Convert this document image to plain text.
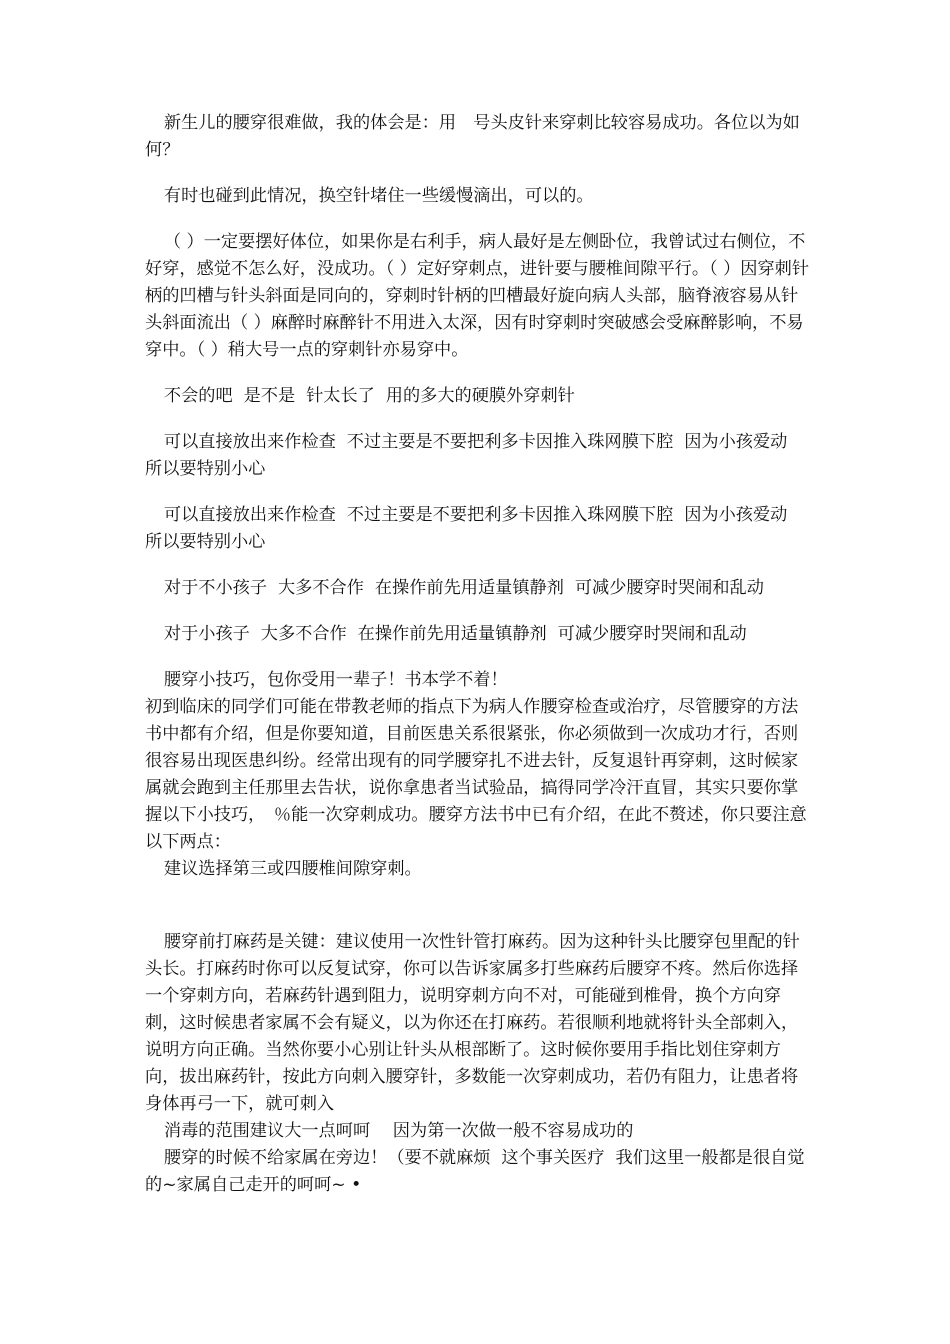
新生儿的腰穿很难做，我的体会是：用　号头皮针来穿刺比较容易成功。各位以为如何？

有时也碰到此情况，换空针堵住一些缓慢滴出，可以的。

（ ）一定要摆好体位，如果你是右利手，病人最好是左侧卧位，我曾试过右侧位，不好穿，感觉不怎么好，没成功。（ ）定好穿刺点，进针要与腰椎间隙平行。（ ）因穿刺针柄的凹槽与针头斜面是同向的，穿刺时针柄的凹槽最好旋向病人头部，脑脊液容易从针头斜面流出（ ）麻醉时麻醉针不用进入太深，因有时穿刺时突破感会受麻醉影响，不易穿中。（ ）稍大号一点的穿刺针亦易穿中。

不会的吧  是不是  针太长了  用的多大的硬膜外穿刺针

可以直接放出来作检查  不过主要是不要把利多卡因推入珠网膜下腔  因为小孩爱动  所以要特别小心

可以直接放出来作检查  不过主要是不要把利多卡因推入珠网膜下腔  因为小孩爱动  所以要特别小心

对于不小孩子  大多不合作  在操作前先用适量镇静剂  可减少腰穿时哭闹和乱动

对于小孩子  大多不合作  在操作前先用适量镇静剂  可减少腰穿时哭闹和乱动

腰穿小技巧，包你受用一辈子！书本学不着！

初到临床的同学们可能在带教老师的指点下为病人作腰穿检查或治疗，尽管腰穿的方法书中都有介绍，但是你要知道，目前医患关系很紧张，你必须做到一次成功才行，否则很容易出现医患纠纷。经常出现有的同学腰穿扎不进去针，反复退针再穿刺，这时候家属就会跑到主任那里去告状，说你拿患者当试验品，搞得同学冷汗直冒，其实只要你掌握以下小技巧，　％能一次穿刺成功。腰穿方法书中已有介绍，在此不赘述，你只要注意以下两点：

建议选择第三或四腰椎间隙穿刺。

腰穿前打麻药是关键：建议使用一次性针管打麻药。因为这种针头比腰穿包里配的针头长。打麻药时你可以反复试穿，你可以告诉家属多打些麻药后腰穿不疼。然后你选择一个穿刺方向，若麻药针遇到阻力，说明穿刺方向不对，可能碰到椎骨，换个方向穿刺，这时候患者家属不会有疑义，以为你还在打麻药。若很顺利地就将针头全部刺入，说明方向正确。当然你要小心别让针头从根部断了。这时候你要用手指比划住穿刺方向，拔出麻药针，按此方向刺入腰穿针，多数能一次穿刺成功，若仍有阻力，让患者将身体再弓一下，就可刺入

消毒的范围建议大一点呵呵　 因为第一次做一般不容易成功的

腰穿的时候不给家属在旁边！（要不就麻烦  这个事关医疗  我们这里一般都是很自觉的~家属自己走开的呵呵~ •
